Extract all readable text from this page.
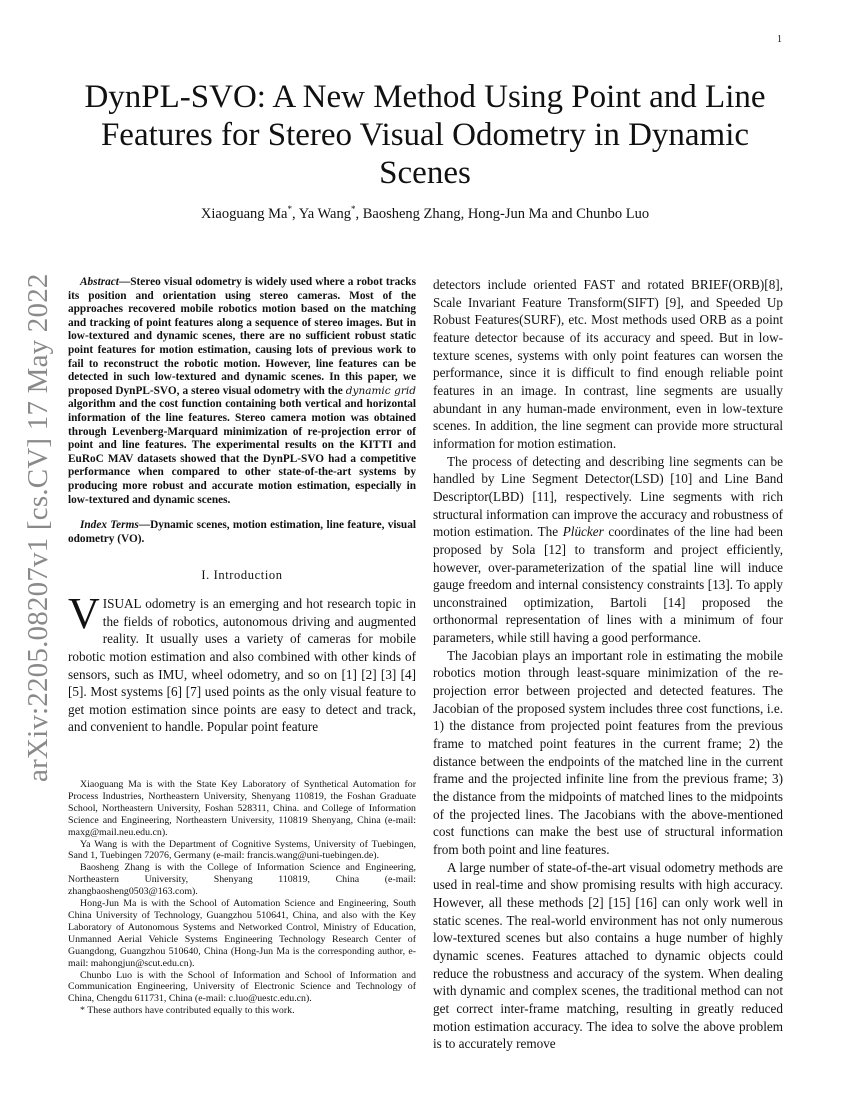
1
arXiv:2205.08207v1 [cs.CV] 17 May 2022
DynPL-SVO: A New Method Using Point and Line Features for Stereo Visual Odometry in Dynamic Scenes
Xiaoguang Ma*, Ya Wang*, Baosheng Zhang, Hong-Jun Ma and Chunbo Luo

Abstract—Stereo visual odometry is widely used where a robot tracks its position and orientation using stereo cameras. Most of the approaches recovered mobile robotics motion based on the matching and tracking of point features along a sequence of stereo images. But in low-textured and dynamic scenes, there are no sufficient robust static point features for motion estimation, causing lots of previous work to fail to reconstruct the robotic motion. However, line features can be detected in such low-textured and dynamic scenes. In this paper, we proposed DynPL-SVO, a stereo visual odometry with the dynamic grid algorithm and the cost function containing both vertical and horizontal information of the line features. Stereo camera motion was obtained through Levenberg-Marquard minimization of re-projection error of point and line features. The experimental results on the KITTI and EuRoC MAV datasets showed that the DynPL-SVO had a competitive performance when compared to other state-of-the-art systems by producing more robust and accurate motion estimation, especially in low-textured and dynamic scenes.

Index Terms—Dynamic scenes, motion estimation, line feature, visual odometry (VO).

I. Introduction

VISUAL odometry is an emerging and hot research topic in the fields of robotics, autonomous driving and augmented reality. It usually uses a variety of cameras for mobile robotic motion estimation and also combined with other kinds of sensors, such as IMU, wheel odometry, and so on [1] [2] [3] [4] [5]. Most systems [6] [7] used points as the only visual feature to get motion estimation since points are easy to detect and track, and convenient to handle. Popular point feature

Xiaoguang Ma is with the State Key Laboratory of Synthetical Automation for Process Industries, Northeastern University, Shenyang 110819, the Foshan Graduate School, Northeastern University, Foshan 528311, China. and College of Information Science and Engineering, Northeastern University, 110819 Shenyang, China (e-mail: maxg@mail.neu.edu.cn).

Ya Wang is with the Department of Cognitive Systems, University of Tuebingen, Sand 1, Tuebingen 72076, Germany (e-mail: francis.wang@uni-tuebingen.de).

Baosheng Zhang is with the College of Information Science and Engineering, Northeastern University, Shenyang 110819, China (e-mail: zhangbaosheng0503@163.com).

Hong-Jun Ma is with the School of Automation Science and Engineering, South China University of Technology, Guangzhou 510641, China, and also with the Key Laboratory of Autonomous Systems and Networked Control, Ministry of Education, Unmanned Aerial Vehicle Systems Engineering Technology Research Center of Guangdong, Guangzhou 510640, China (Hong-Jun Ma is the corresponding author, e-mail: mahongjun@scut.edu.cn).

Chunbo Luo is with the School of Information and School of Information and Communication Engineering, University of Electronic Science and Technology of China, Chengdu 611731, China (e-mail: c.luo@uestc.edu.cn).

* These authors have contributed equally to this work.

detectors include oriented FAST and rotated BRIEF(ORB)[8], Scale Invariant Feature Transform(SIFT) [9], and Speeded Up Robust Features(SURF), etc. Most methods used ORB as a point feature detector because of its accuracy and speed. But in low-texture scenes, systems with only point features can worsen the performance, since it is difficult to find enough reliable point features in an image. In contrast, line segments are usually abundant in any human-made environment, even in low-texture scenes. In addition, the line segment can provide more structural information for motion estimation.

The process of detecting and describing line segments can be handled by Line Segment Detector(LSD) [10] and Line Band Descriptor(LBD) [11], respectively. Line segments with rich structural information can improve the accuracy and robustness of motion estimation. The Plücker coordinates of the line had been proposed by Sola [12] to transform and project efficiently, however, over-parameterization of the spatial line will induce gauge freedom and internal consistency constraints [13]. To apply unconstrained optimization, Bartoli [14] proposed the orthonormal representation of lines with a minimum of four parameters, while still having a good performance.

The Jacobian plays an important role in estimating the mobile robotics motion through least-square minimization of the re-projection error between projected and detected features. The Jacobian of the proposed system includes three cost functions, i.e. 1) the distance from projected point features from the previous frame to matched point features in the current frame; 2) the distance between the endpoints of the matched line in the current frame and the projected infinite line from the previous frame; 3) the distance from the midpoints of matched lines to the midpoints of the projected lines. The Jacobians with the above-mentioned cost functions can make the best use of structural information from both point and line features.

A large number of state-of-the-art visual odometry methods are used in real-time and show promising results with high accuracy. However, all these methods [2] [15] [16] can only work well in static scenes. The real-world environment has not only numerous low-textured scenes but also contains a huge number of highly dynamic scenes. Features attached to dynamic objects could reduce the robustness and accuracy of the system. When dealing with dynamic and complex scenes, the traditional method can not get correct inter-frame matching, resulting in greatly reduced motion estimation accuracy. The idea to solve the above problem is to accurately remove
